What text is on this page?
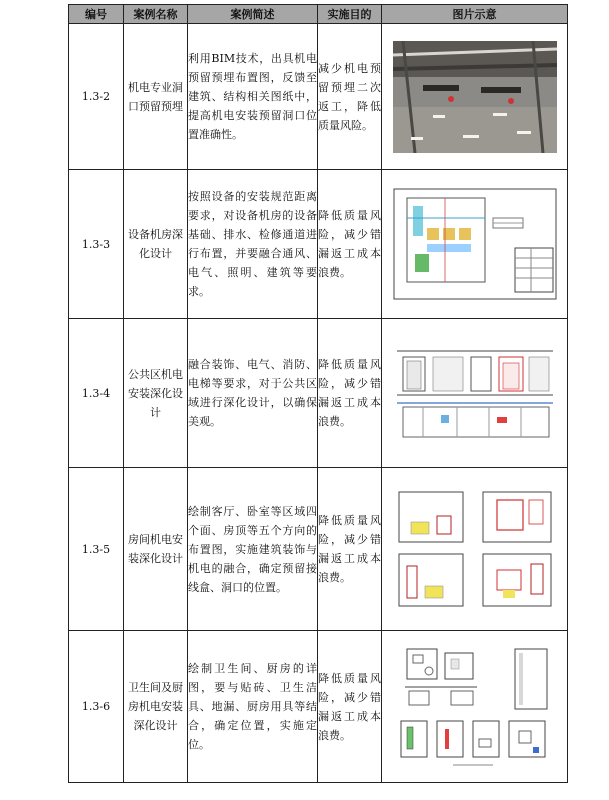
编号	案例名称	案例简述	实施目的	图片示意
1.3-2	机电专业洞口预留预埋	利用BIM技术，出具机电预留预埋布置图，反馈至建筑、结构相关图纸中，提高机电安装预留洞口位置准确性。	减少机电预留预埋二次返工，降低质量风险。	

1.3-3	设备机房深化设计	按照设备的安装规范距离要求，对设备机房的设备基础、排水、检修通道进行布置，并要融合通风、电气、照明、建筑等要求。	降低质量风险，减少错漏返工成本浪费。	

1.3-4	公共区机电安装深化设计	融合装饰、电气、消防、电梯等要求，对于公共区域进行深化设计，以确保美观。	降低质量风险，减少错漏返工成本浪费。	

1.3-5	房间机电安装深化设计	绘制客厅、卧室等区域四个面、房顶等五个方向的布置图，实施建筑装饰与机电的融合，确定预留接线盒、洞口的位置。	降低质量风险，减少错漏返工成本浪费。	

1.3-6	卫生间及厨房机电安装深化设计	绘制卫生间、厨房的详图，要与贴砖、卫生洁具、地漏、厨房用具等结合，确定位置，实施定位。	降低质量风险，减少错漏返工成本浪费。	
